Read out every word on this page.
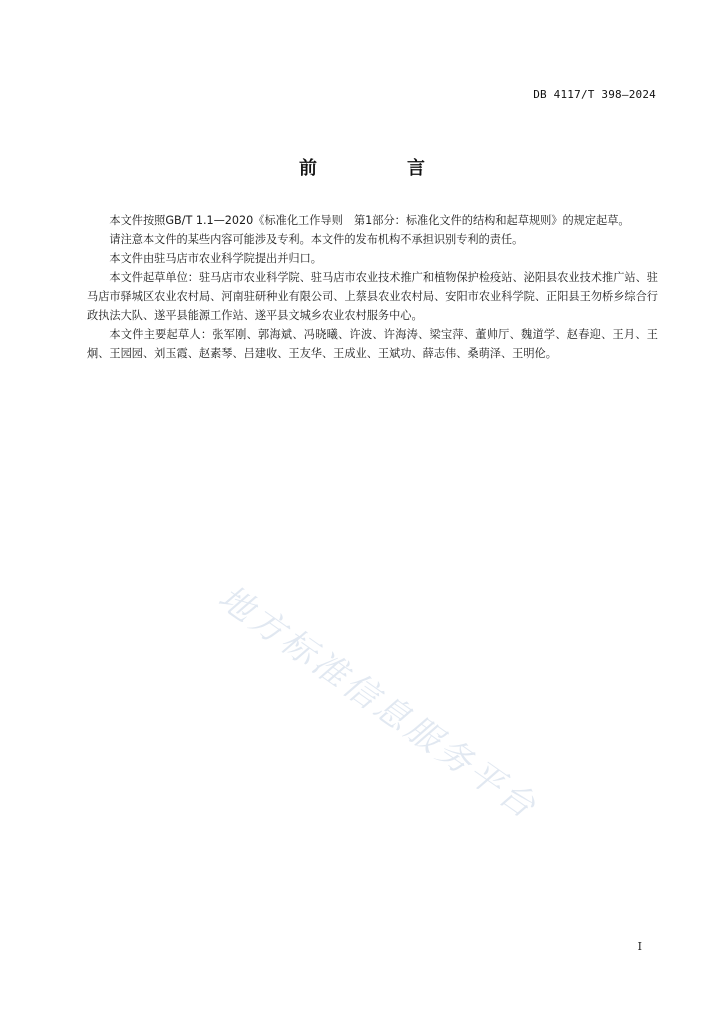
DB 4117/T 398—2024
前　言

本文件按照GB/T 1.1—2020《标准化工作导则　第1部分：标准化文件的结构和起草规则》的规定起草。

请注意本文件的某些内容可能涉及专利。本文件的发布机构不承担识别专利的责任。

本文件由驻马店市农业科学院提出并归口。

本文件起草单位：驻马店市农业科学院、驻马店市农业技术推广和植物保护检疫站、泌阳县农业技术推广站、驻马店市驿城区农业农村局、河南驻研种业有限公司、上蔡县农业农村局、安阳市农业科学院、正阳县王勿桥乡综合行政执法大队、遂平县能源工作站、遂平县文城乡农业农村服务中心。

本文件主要起草人：张军刚、郭海斌、冯晓曦、许波、许海涛、梁宝萍、董帅厅、魏道学、赵春迎、王月、王炯、王园园、刘玉霞、赵素琴、吕建收、王友华、王成业、王斌功、薛志伟、桑萌泽、王明伦。

地方标准信息服务平台
I
